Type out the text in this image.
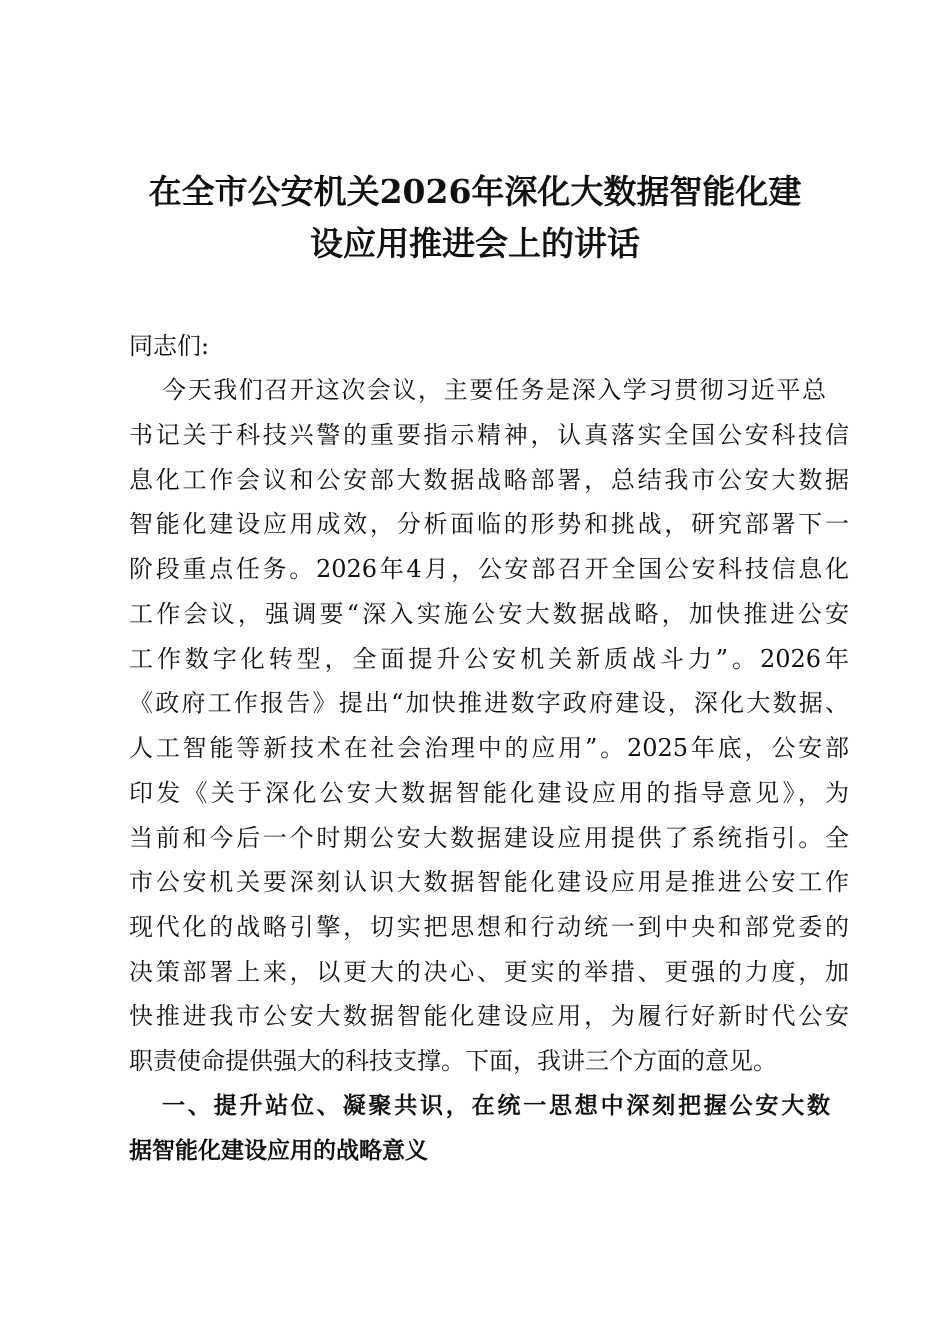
在全市公安机关2026年深化大数据智能化建
设应用推进会上的讲话
同志们:
今天我们召开这次会议，主要任务是深入学习贯彻习近平总
书记关于科技兴警的重要指示精神，认真落实全国公安科技信
息化工作会议和公安部大数据战略部署，总结我市公安大数据
智能化建设应用成效，分析面临的形势和挑战，研究部署下一
阶段重点任务。2026年4月，公安部召开全国公安科技信息化
工作会议，强调要“深入实施公安大数据战略，加快推进公安
工作数字化转型，全面提升公安机关新质战斗力”。2026年
《政府工作报告》提出“加快推进数字政府建设，深化大数据、
人工智能等新技术在社会治理中的应用”。2025年底，公安部
印发《关于深化公安大数据智能化建设应用的指导意见》，为
当前和今后一个时期公安大数据建设应用提供了系统指引。全
市公安机关要深刻认识大数据智能化建设应用是推进公安工作
现代化的战略引擎，切实把思想和行动统一到中央和部党委的
决策部署上来，以更大的决心、更实的举措、更强的力度，加
快推进我市公安大数据智能化建设应用，为履行好新时代公安
职责使命提供强大的科技支撑。下面，我讲三个方面的意见。
一、提升站位、凝聚共识，在统一思想中深刻把握公安大数
据智能化建设应用的战略意义
